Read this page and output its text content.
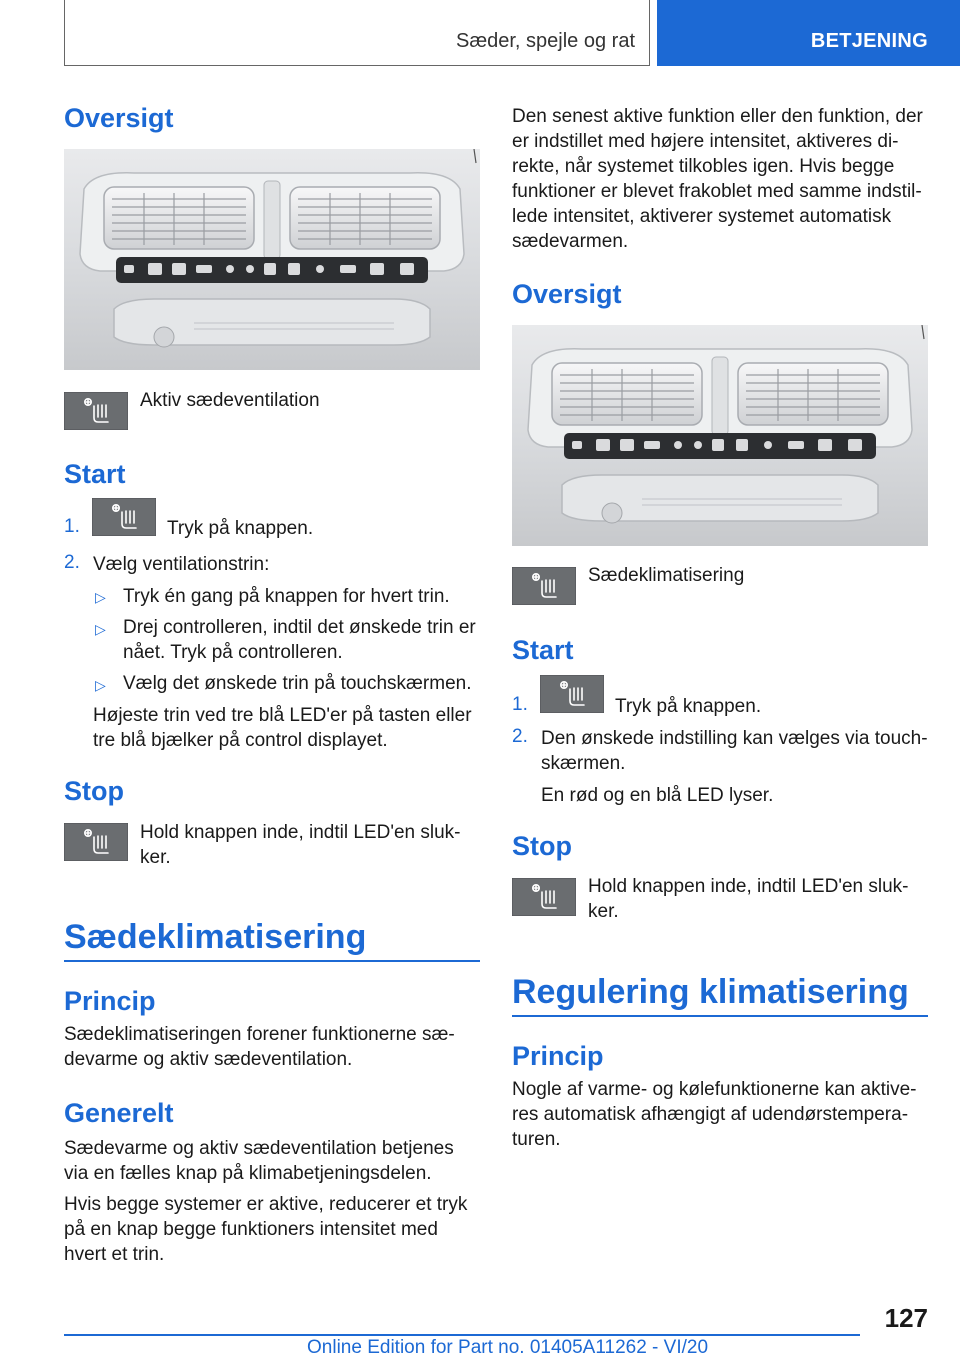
Sæder, spejle og rat	BETJENING
Oversigt
Aktiv sædeventilation
Start
1.	Tryk på knappen.
2. Vælg ventilationstrin:
▷ Tryk én gang på knappen for hvert trin.
▷ Drej controlleren, indtil det ønskede trin er
nået. Tryk på controlleren.
▷ Vælg det ønskede trin på touchskærmen.
Højeste trin ved tre blå LED'er på tasten eller
tre blå bjælker på control displayet.
Stop
Hold knappen inde, indtil LED'en sluk-
ker.
Sædeklimatisering
Princip
Sædeklimatiseringen forener funktionerne sæ-
devarme og aktiv sædeventilation.
Generelt
Sædevarme og aktiv sædeventilation betjenes
via en fælles knap på klimabetjeningsdelen.
Hvis begge systemer er aktive, reducerer et tryk
på en knap begge funktioners intensitet med
hvert et trin.
Den senest aktive funktion eller den funktion, der
er indstillet med højere intensitet, aktiveres di-
rekte, når systemet tilkobles igen. Hvis begge
funktioner er blevet frakoblet med samme indstil-
lede intensitet, aktiverer systemet automatisk
sædevarmen.
Oversigt
Sædeklimatisering
Start
1.	Tryk på knappen.
2. Den ønskede indstilling kan vælges via touch-
skærmen.
En rød og en blå LED lyser.
Stop
Hold knappen inde, indtil LED'en sluk-
ker.
Regulering klimatisering
Princip
Nogle af varme- og kølefunktionerne kan aktive-
res automatisk afhængigt af udendørstempera-
turen.
127
Online Edition for Part no. 01405A11262 - VI/20
